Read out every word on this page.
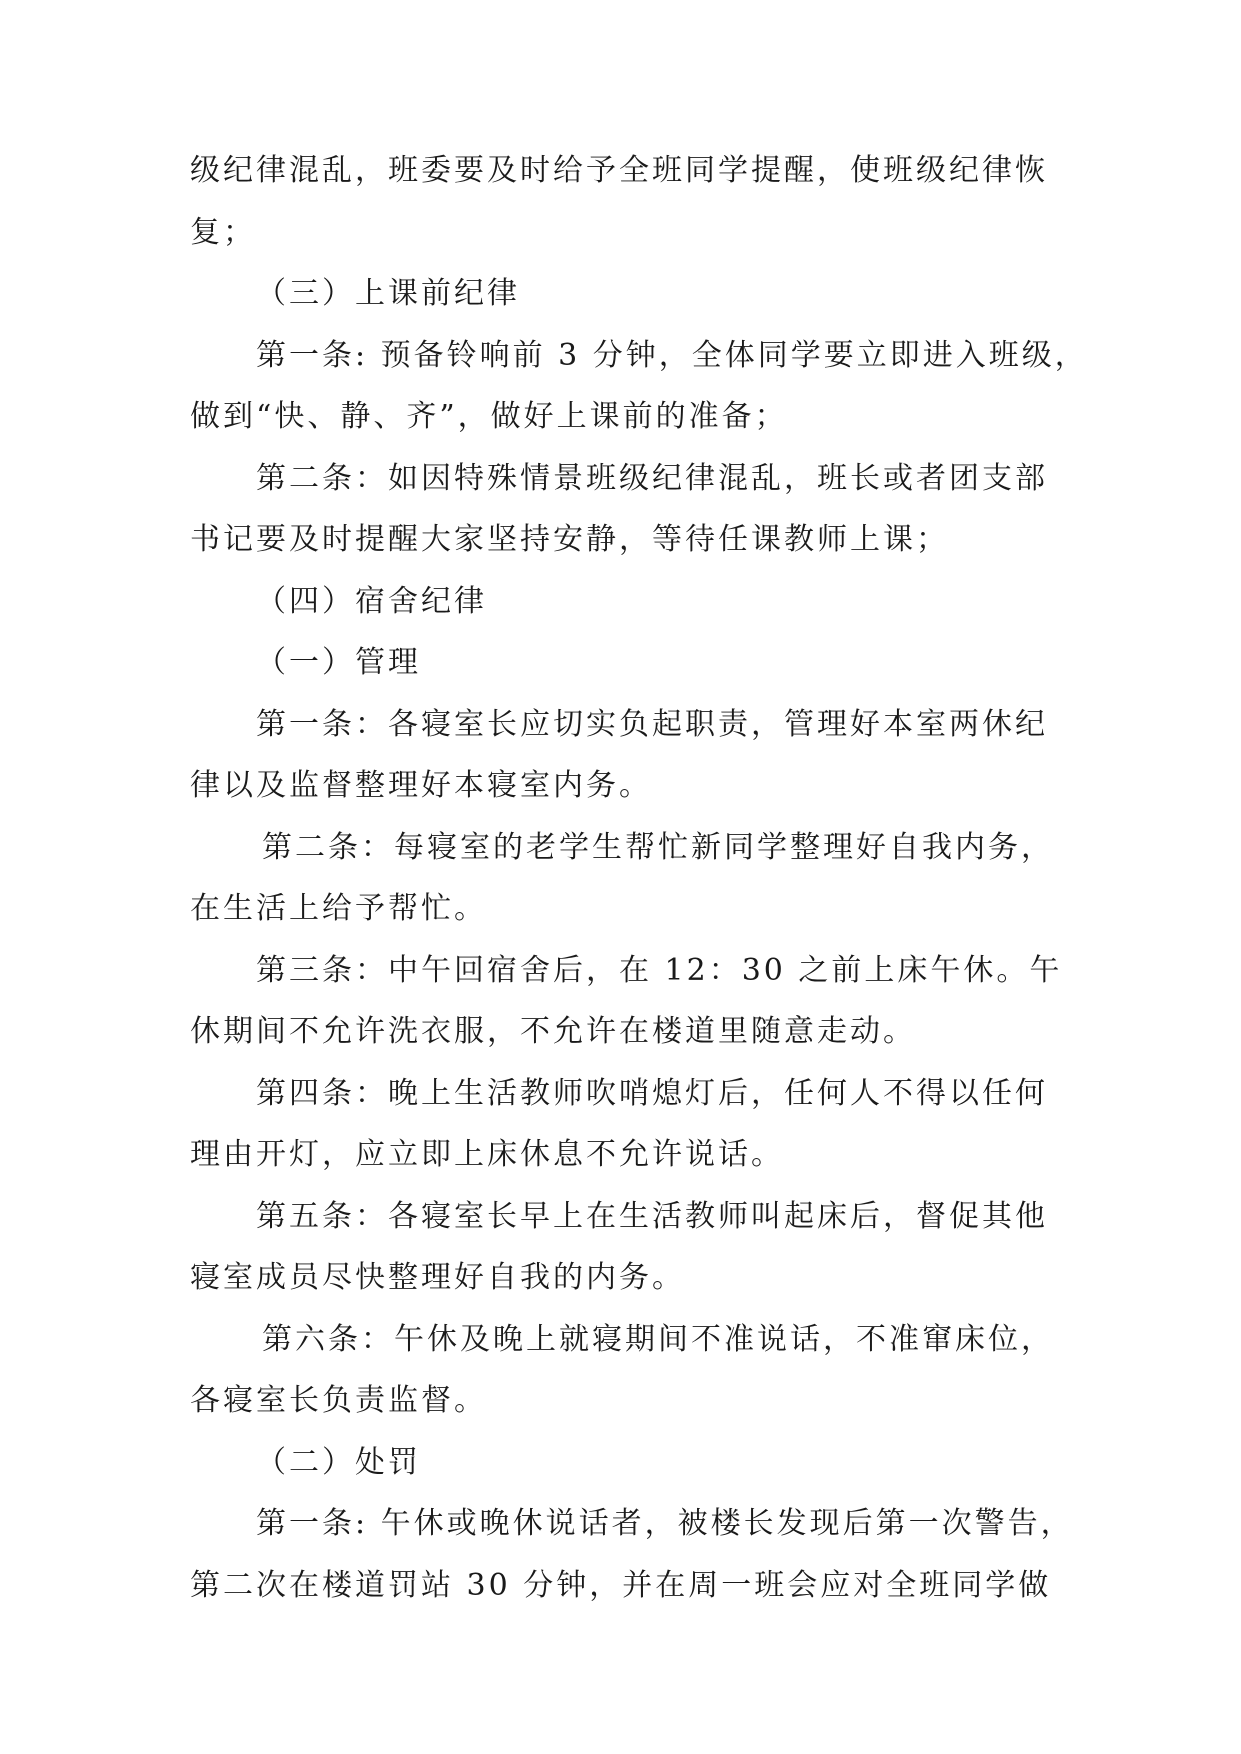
级纪律混乱，班委要及时给予全班同学提醒，使班级纪律恢
复；
（三）上课前纪律
第一条: 预备铃响前 3 分钟，全体同学要立即进入班级，
做到“快、静、齐”，做好上课前的准备；
第二条：如因特殊情景班级纪律混乱，班长或者团支部
书记要及时提醒大家坚持安静，等待任课教师上课；
（四）宿舍纪律
（一）管理
第一条：各寝室长应切实负起职责，管理好本室两休纪
律以及监督整理好本寝室内务。
第二条：每寝室的老学生帮忙新同学整理好自我内务，
在生活上给予帮忙。
第三条：中午回宿舍后，在 12：30 之前上床午休。午
休期间不允许洗衣服，不允许在楼道里随意走动。
第四条：晚上生活教师吹哨熄灯后，任何人不得以任何
理由开灯，应立即上床休息不允许说话。
第五条：各寝室长早上在生活教师叫起床后，督促其他
寝室成员尽快整理好自我的内务。
第六条：午休及晚上就寝期间不准说话，不准窜床位，
各寝室长负责监督。
（二）处罚
第一条: 午休或晚休说话者，被楼长发现后第一次警告，
第二次在楼道罚站 30 分钟，并在周一班会应对全班同学做
